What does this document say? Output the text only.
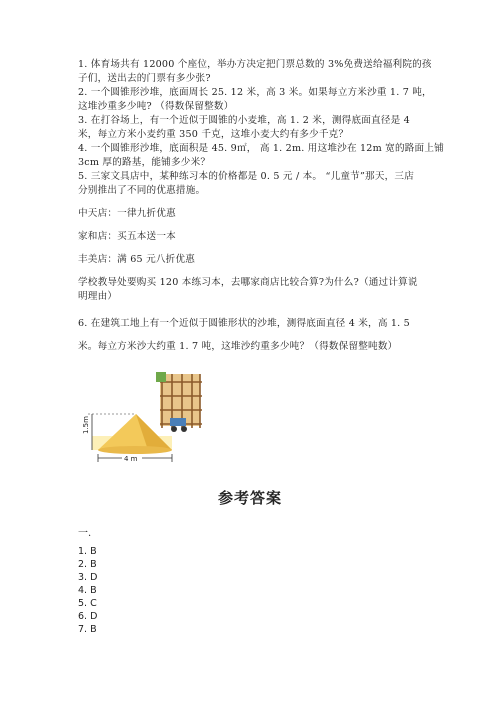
1. 体育场共有 12000 个座位，举办方决定把门票总数的 3%免费送给福利院的孩
子们，送出去的门票有多少张?
2. 一个圆锥形沙堆，底面周长 25. 12 米，高 3 米。如果每立方米沙重 1. 7 吨，
这堆沙重多少吨? （得数保留整数）
3. 在打谷场上，有一个近似于圆锥的小麦堆，高 1. 2 米，测得底面直径是 4
米，每立方米小麦约重 350 千克，这堆小麦大约有多少千克？
4. 一个圆锥形沙堆，底面积是 45. 9㎡， 高 1. 2m. 用这堆沙在 12m 宽的路面上铺
3cm 厚的路基，能铺多少米？
5. 三家文具店中，某种练习本的价格都是 0. 5 元 / 本。 “儿童节”那天，三店
分别推出了不同的优惠措施。
中天店：一律九折优惠
家和店：买五本送一本
丰美店：满 65 元八折优惠
学校教导处要购买 120 本练习本，去哪家商店比较合算?为什么?（通过计算说
明理由）
6. 在建筑工地上有一个近似于圆锥形状的沙堆，测得底面直径 4 米，高 1. 5
米。每立方米沙大约重 1. 7 吨，这堆沙约重多少吨？（得数保留整吨数）
1.5m
4 m
参考答案
一.
1. B
2. B
3. D
4. B
5. C
6. D
7. B
